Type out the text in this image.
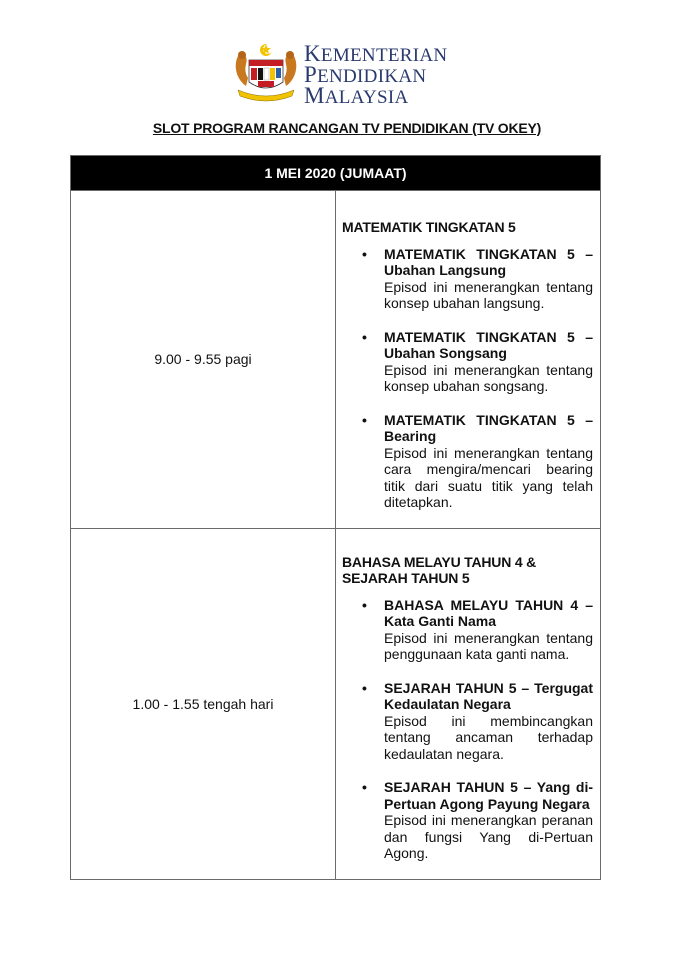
KEMENTERIAN
PENDIDIKAN
MALAYSIA
SLOT PROGRAM RANCANGAN TV PENDIDIKAN (TV OKEY)
1 MEI 2020 (JUMAAT)	
9.00 - 9.55 pagi	
MATEMATIK TINGKATAN 5
• MATEMATIK TINGKATAN 5 – Ubahan Langsung
Episod ini menerangkan tentang konsep ubahan langsung.
• MATEMATIK TINGKATAN 5 – Ubahan Songsang
Episod ini menerangkan tentang konsep ubahan songsang.
• MATEMATIK TINGKATAN 5 – Bearing
Episod ini menerangkan tentang cara mengira/mencari bearing titik dari suatu titik yang telah ditetapkan.

1.00 - 1.55 tengah hari	
BAHASA MELAYU TAHUN 4 & SEJARAH TAHUN 5
• BAHASA MELAYU TAHUN 4 – Kata Ganti Nama
Episod ini menerangkan tentang penggunaan kata ganti nama.
• SEJARAH TAHUN 5 – Tergugat Kedaulatan Negara
Episod ini membincangkan tentang ancaman terhadap kedaulatan negara.
• SEJARAH TAHUN 5 – Yang di-Pertuan Agong Payung Negara
Episod ini menerangkan peranan dan fungsi Yang di-Pertuan Agong.
